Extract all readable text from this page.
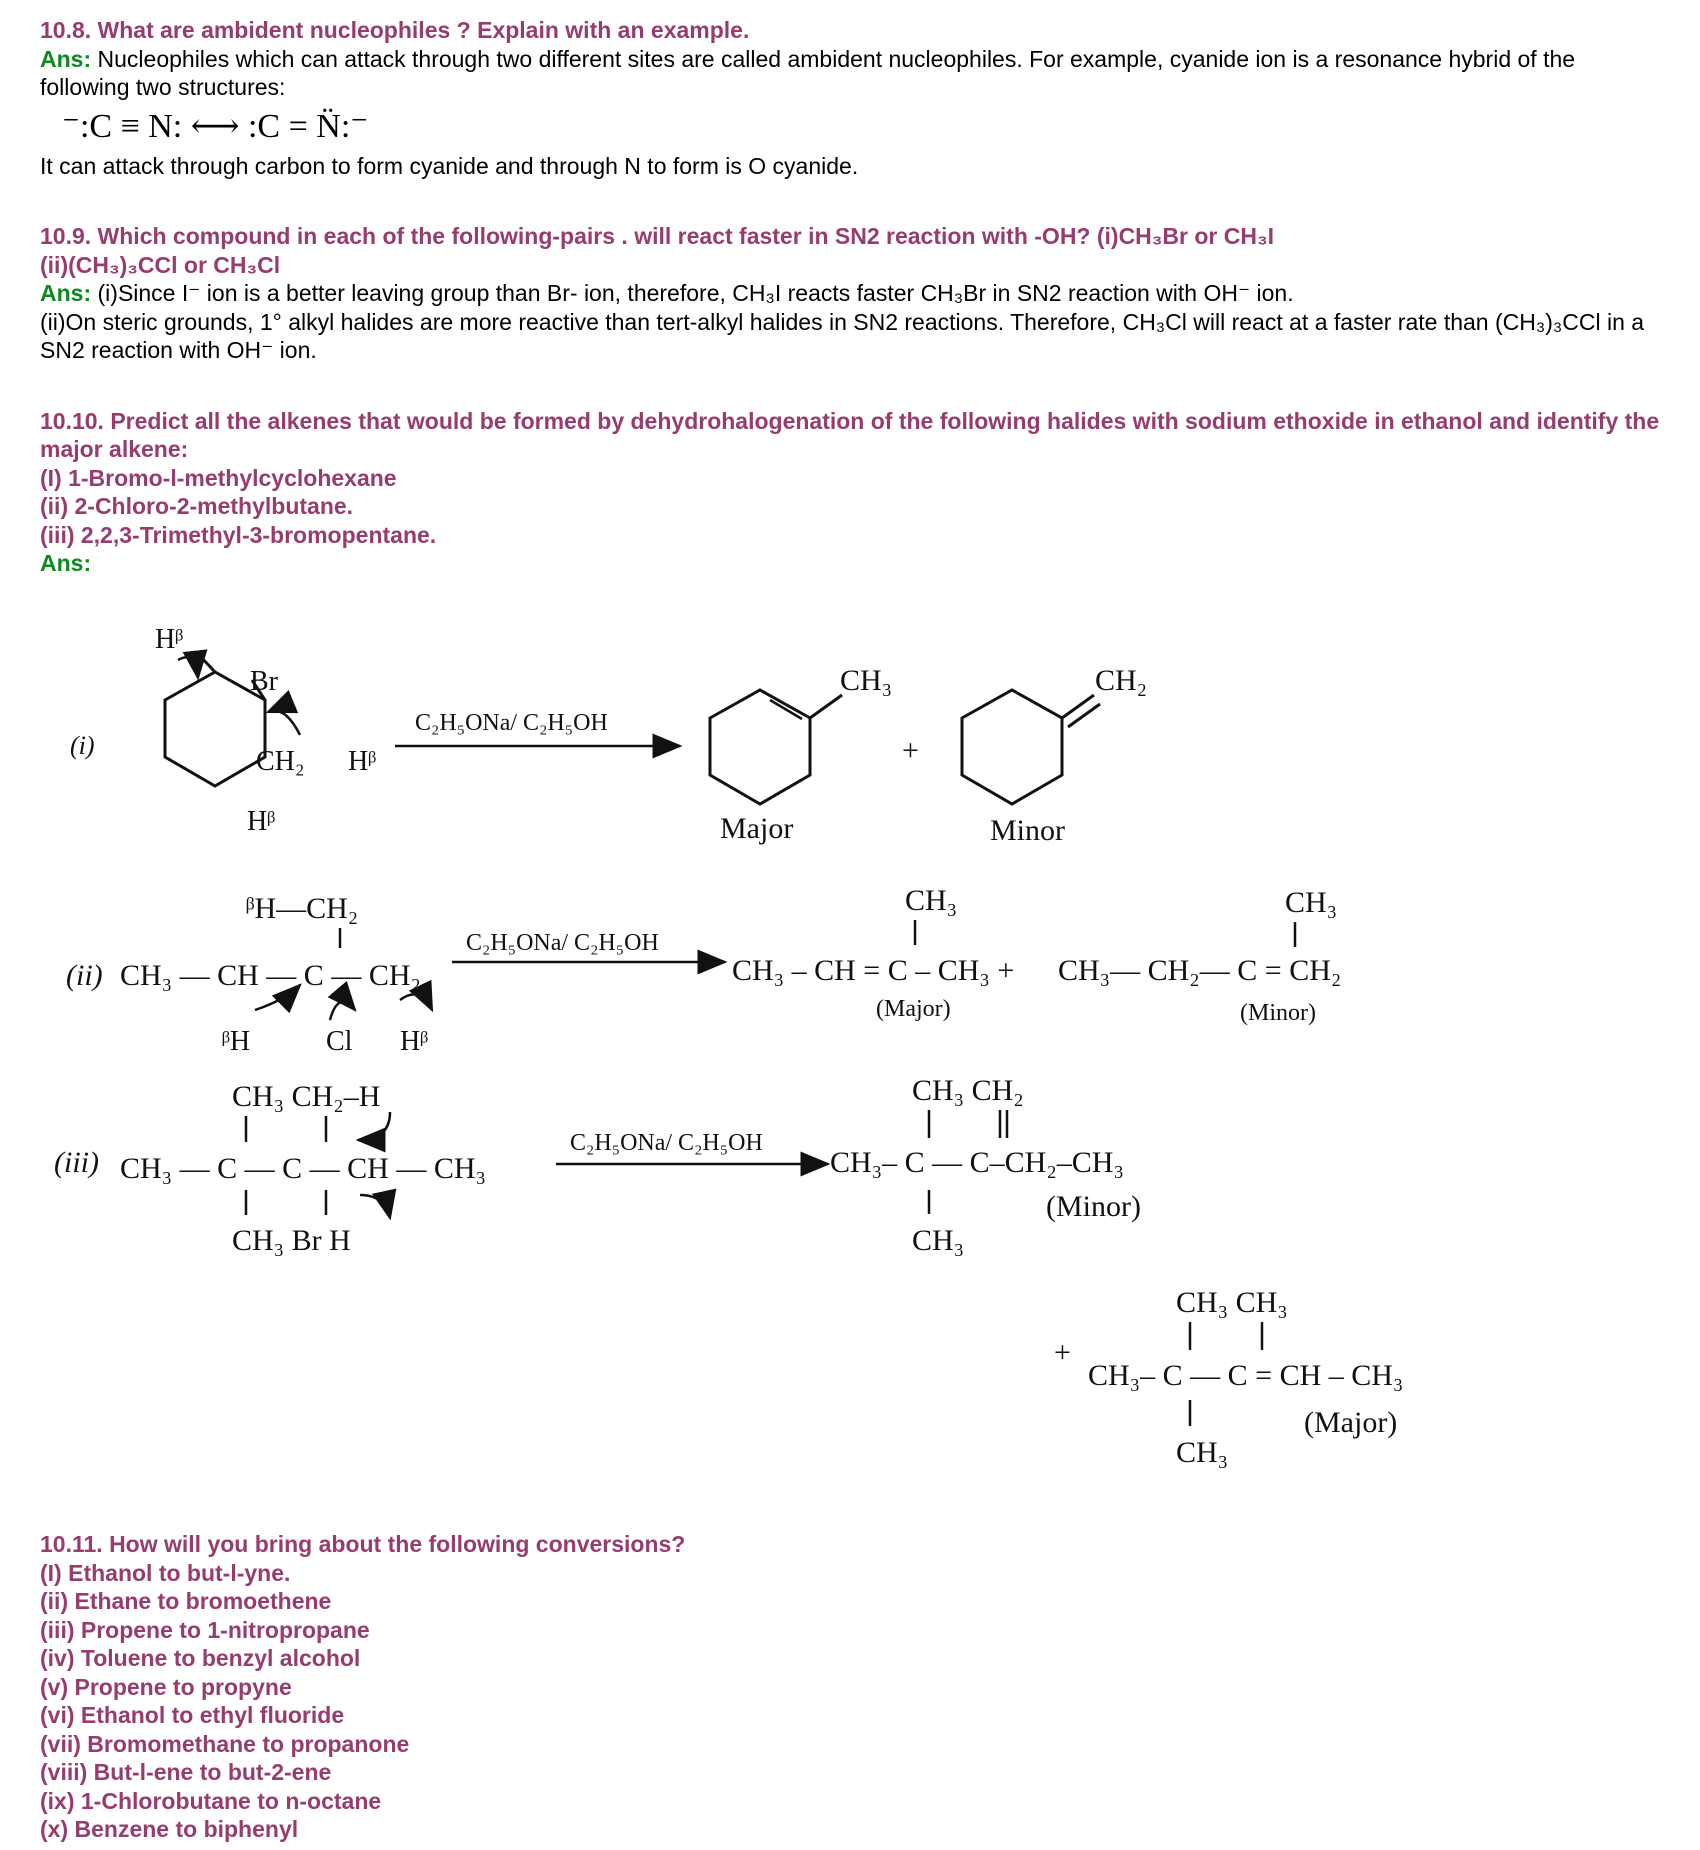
10.8. What are ambident nucleophiles ? Explain with an example.
Ans: Nucleophiles which can attack through two different sites are called ambident nucleophiles. For example, cyanide ion is a resonance hybrid of the following two structures:
⁻:C ≡ N: ⟷ :C = N̈:⁻
It can attack through carbon to form cyanide and through N to form is O cyanide.
10.9. Which compound in each of the following-pairs . will react faster in SN2 reaction with -OH? (i)CH₃Br or CH₃I
(ii)(CH₃)₃CCl or CH₃Cl
Ans: (i)Since I⁻ ion is a better leaving group than Br- ion, therefore, CH₃I reacts faster CH₃Br in SN2 reaction with OH⁻ ion.
(ii)On steric grounds, 1° alkyl halides are more reactive than tert-alkyl halides in SN2 reactions. Therefore, CH₃Cl will react at a faster rate than (CH₃)₃CCl in a SN2 reaction with OH⁻ ion.
10.10. Predict all the alkenes that would be formed by dehydrohalogenation of the following halides with sodium ethoxide in ethanol and identify the major alkene:
(I) 1-Bromo-l-methylcyclohexane
(ii) 2-Chloro-2-methylbutane.
(iii) 2,2,3-Trimethyl-3-bromopentane.
Ans:
(i)
Hᵝ
Br
CH₂ Hᵝ
Hᵝ
C₂H₅ONa/ C₂H₅OH
CH₃
Major
+
CH₂
Minor
ᵝH—CH₂
(ii) CH₃ — CH — C — CH₂
ᵝH	Cl Hᵝ
C₂H₅ONa/ C₂H₅OH
CH₃
CH₃ – CH = C – CH₃ +
(Major)
CH₃
CH₃— CH₂— C = CH₂
(Minor)
CH₃ CH₂–H
(iii) CH₃ — C — C — CH — CH₃
CH₃ Br H
C₂H₅ONa/ C₂H₅OH
CH₃ CH₂
CH₃– C — C–CH₂–CH₃
CH₃
(Minor)
+
CH₃ CH₃
CH₃– C — C = CH – CH₃
CH₃
(Major)
10.11. How will you bring about the following conversions?
(I) Ethanol to but-l-yne.
(ii) Ethane to bromoethene
(iii) Propene to 1-nitropropane
(iv) Toluene to benzyl alcohol
(v) Propene to propyne
(vi) Ethanol to ethyl fluoride
(vii) Bromomethane to propanone
(viii) But-l-ene to but-2-ene
(ix) 1-Chlorobutane to n-octane
(x) Benzene to biphenyl
